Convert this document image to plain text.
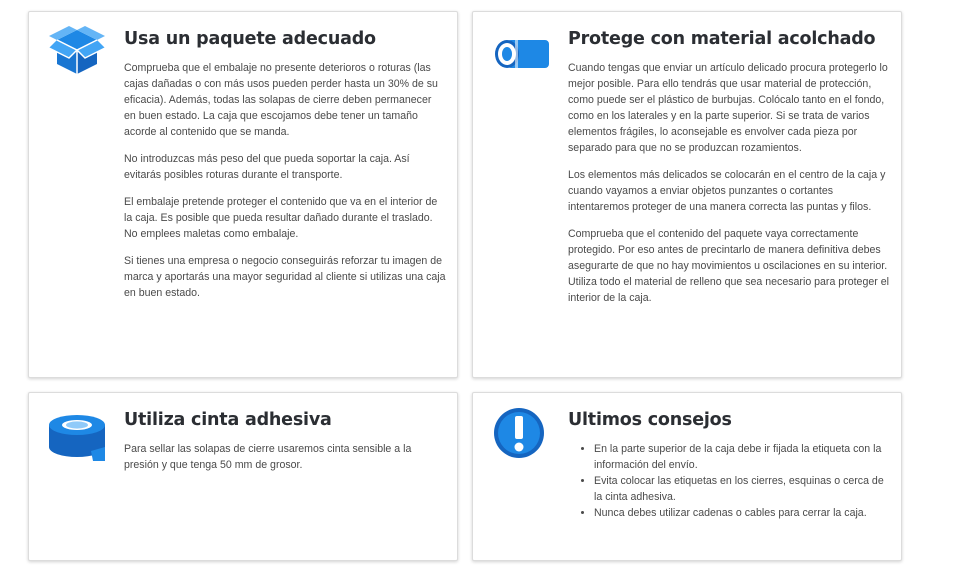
Usa un paquete adecuado

Comprueba que el embalaje no presente deterioros o roturas (las cajas dañadas o con más usos pueden perder hasta un 30% de su eficacia). Además, todas las solapas de cierre deben permanecer en buen estado. La caja que escojamos debe tener un tamaño acorde al contenido que se manda.

No introduzcas más peso del que pueda soportar la caja. Así evitarás posibles roturas durante el transporte.

El embalaje pretende proteger el contenido que va en el interior de la caja. Es posible que pueda resultar dañado durante el traslado. No emplees maletas como embalaje.

Si tienes una empresa o negocio conseguirás reforzar tu imagen de marca y aportarás una mayor seguridad al cliente si utilizas una caja en buen estado.

Protege con material acolchado

Cuando tengas que enviar un artículo delicado procura protegerlo lo mejor posible. Para ello tendrás que usar material de protección, como puede ser el plástico de burbujas. Colócalo tanto en el fondo, como en los laterales y en la parte superior. Si se trata de varios elementos frágiles, lo aconsejable es envolver cada pieza por separado para que no se produzcan rozamientos.

Los elementos más delicados se colocarán en el centro de la caja y cuando vayamos a enviar objetos punzantes o cortantes intentaremos proteger de una manera correcta las puntas y filos.

Comprueba que el contenido del paquete vaya correctamente protegido. Por eso antes de precintarlo de manera definitiva debes asegurarte de que no hay movimientos u oscilaciones en su interior. Utiliza todo el material de relleno que sea necesario para proteger el interior de la caja.

Utiliza cinta adhesiva

Para sellar las solapas de cierre usaremos cinta sensible a la presión y que tenga 50 mm de grosor.

Ultimos consejos
• En la parte superior de la caja debe ir fijada la etiqueta con la información del envío.
• Evita colocar las etiquetas en los cierres, esquinas o cerca de la cinta adhesiva.
• Nunca debes utilizar cadenas o cables para cerrar la caja.
